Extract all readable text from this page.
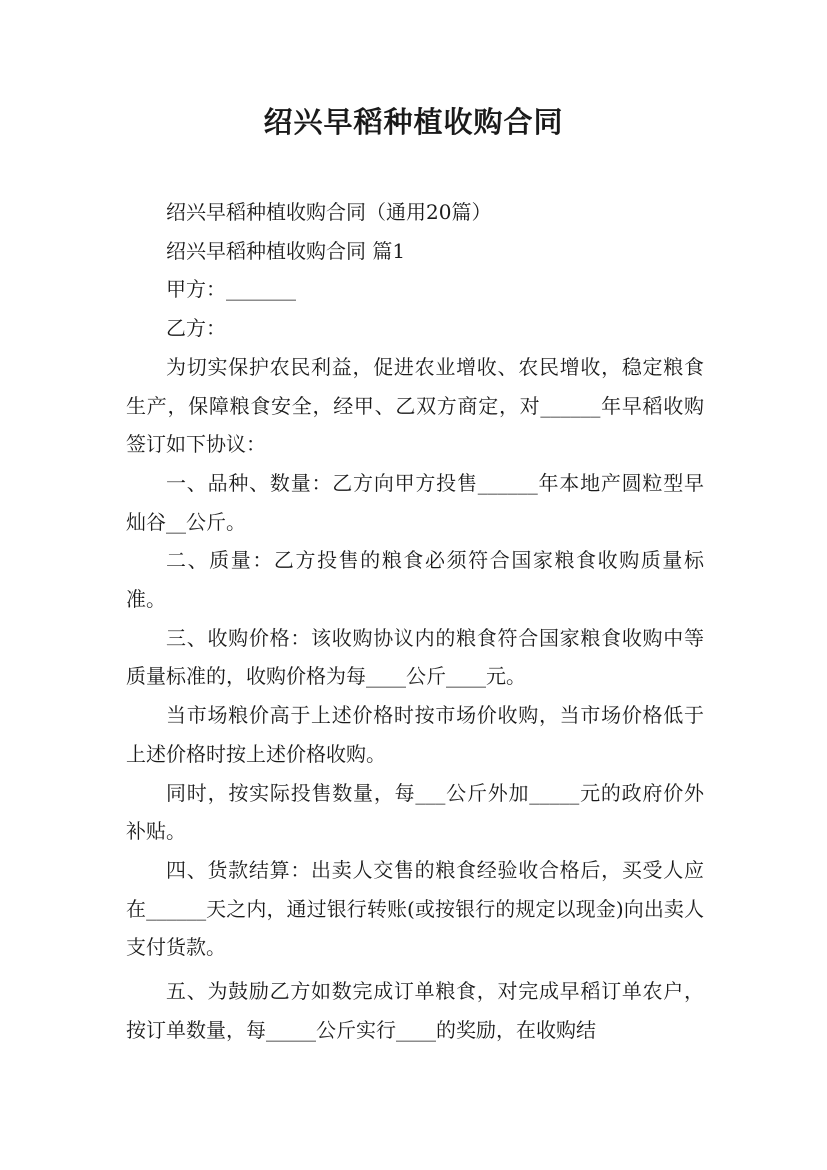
绍兴早稻种植收购合同

绍兴早稻种植收购合同（通用20篇）

绍兴早稻种植收购合同 篇1

甲方：_______

乙方：

为切实保护农民利益，促进农业增收、农民增收，稳定粮食生产，保障粮食安全，经甲、乙双方商定，对______年早稻收购签订如下协议：

一、品种、数量：乙方向甲方投售______年本地产圆粒型早灿谷__公斤。

二、质量：乙方投售的粮食必须符合国家粮食收购质量标准。

三、收购价格：该收购协议内的粮食符合国家粮食收购中等质量标准的，收购价格为每____公斤____元。

当市场粮价高于上述价格时按市场价收购，当市场价格低于上述价格时按上述价格收购。

同时，按实际投售数量，每___公斤外加_____元的政府价外补贴。

四、货款结算：出卖人交售的粮食经验收合格后，买受人应在______天之内，通过银行转账(或按银行的规定以现金)向出卖人支付货款。

五、为鼓励乙方如数完成订单粮食，对完成早稻订单农户，按订单数量，每_____公斤实行____的奖励，在收购结
